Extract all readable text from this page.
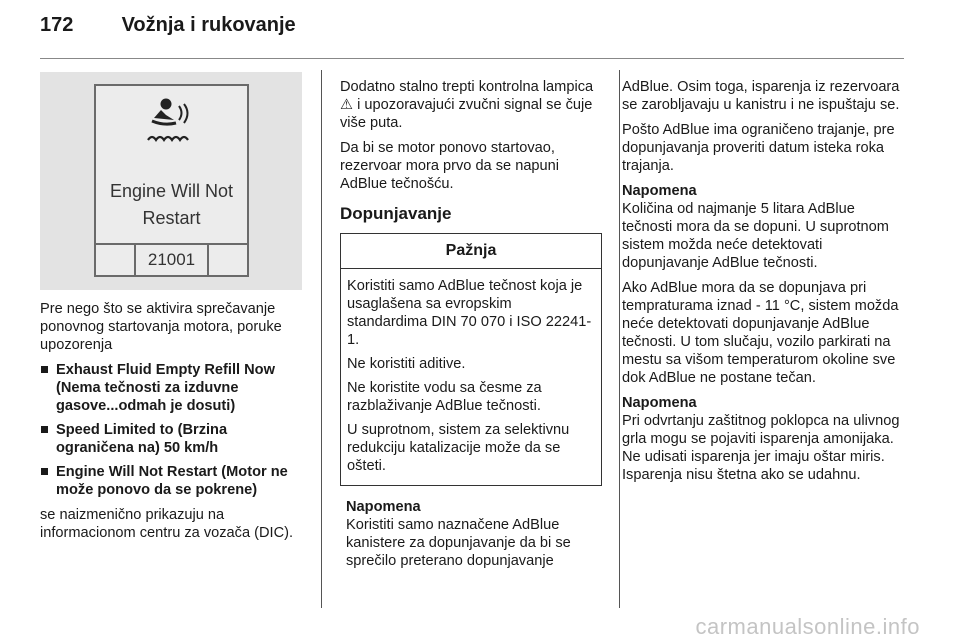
172 Vožnja i rukovanje
Engine Will Not
Restart
21001

Pre nego što se aktivira sprečavanje ponovnog startovanja motora, poruke upozorenja

Exhaust Fluid Empty Refill Now (Nema tečnosti za izduvne gasove...odmah je dosuti)
Speed Limited to (Brzina ograničena na) 50 km/h
Engine Will Not Restart (Motor ne može ponovo da se pokrene)

se naizmenično prikazuju na informacionom centru za vozača (DIC).

Dodatno stalno trepti kontrolna lampica ⚠ i upozoravajući zvučni signal se čuje više puta.

Da bi se motor ponovo startovao, rezervoar mora prvo da se napuni AdBlue tečnošću.

Dopunjavanje
Pažnja

Koristiti samo AdBlue tečnost koja je usaglašena sa evropskim standardima DIN 70 070 i ISO 22241-1.

Ne koristiti aditive.

Ne koristite vodu sa česme za razblaživanje AdBlue tečnosti.

U suprotnom, sistem za selektivnu redukciju katalizacije može da se ošteti.

Napomena
Koristiti samo naznačene AdBlue kanistere za dopunjavanje da bi se sprečilo preterano dopunjavanje

AdBlue. Osim toga, isparenja iz rezervoara se zarobljavaju u kanistru i ne ispuštaju se.

Pošto AdBlue ima ograničeno trajanje, pre dopunjavanja proveriti datum isteka roka trajanja.

Napomena

Količina od najmanje 5 litara AdBlue tečnosti mora da se dopuni. U suprotnom sistem možda neće detektovati dopunjavanje AdBlue tečnosti.

Ako AdBlue mora da se dopunjava pri tempraturama iznad - 11 °C, sistem možda neće detektovati dopunjavanje AdBlue tečnosti. U tom slučaju, vozilo parkirati na mestu sa višom temperaturom okoline sve dok AdBlue ne postane tečan.

Napomena

Pri odvrtanju zaštitnog poklopca na ulivnog grla mogu se pojaviti isparenja amonijaka. Ne udisati isparenja jer imaju oštar miris. Isparenja nisu štetna ako se udahnu.

carmanualsonline.info
